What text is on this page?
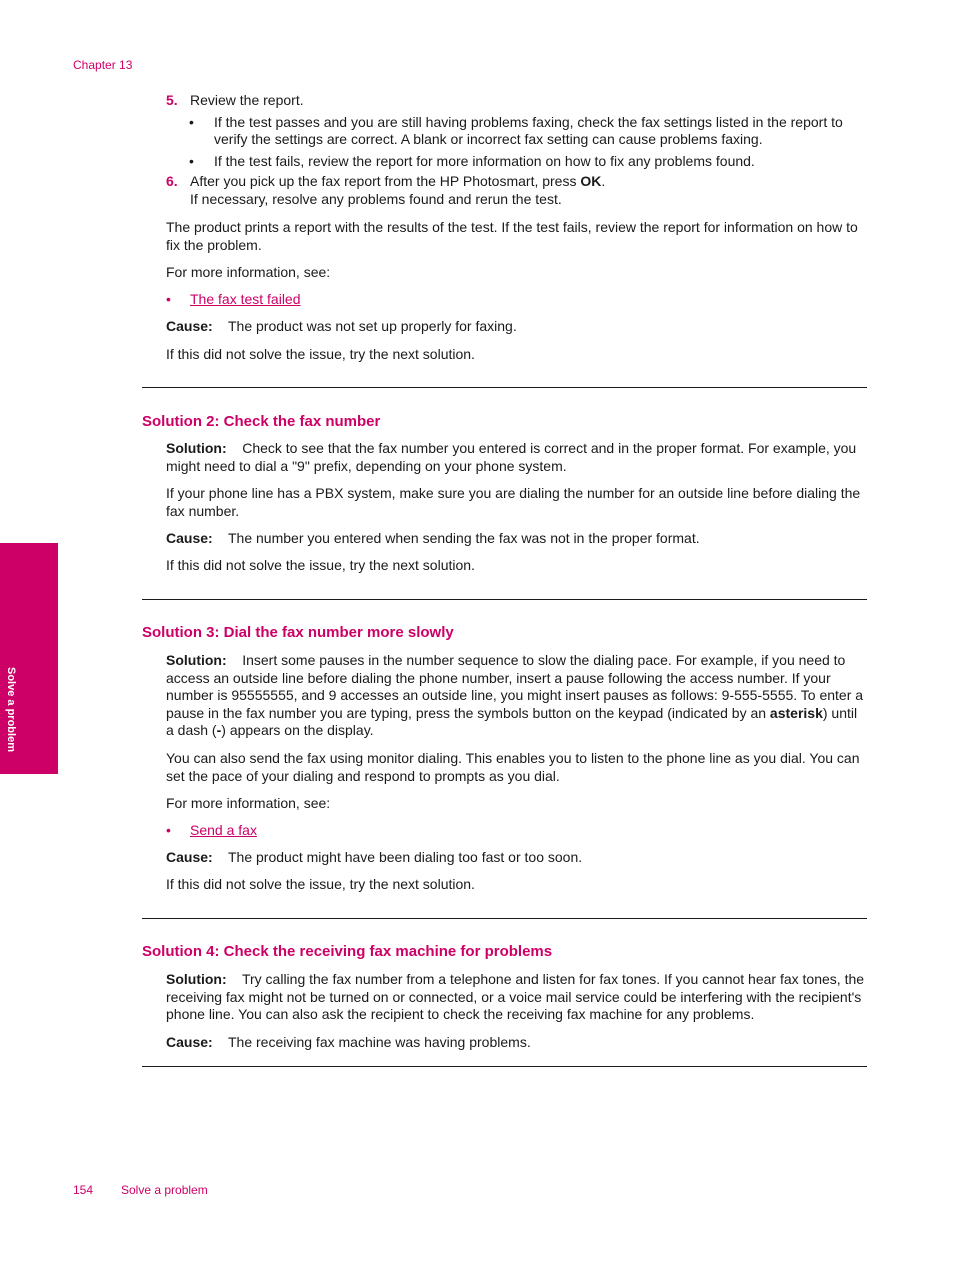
Chapter 13
5. Review the report.

•	If the test passes and you are still having problems faxing, check the fax settings listed in the report to verify the settings are correct. A blank or incorrect fax setting can cause problems faxing.

•	If the test fails, review the report for more information on how to fix any problems found.

6. After you pick up the fax report from the HP Photosmart, press OK.

If necessary, resolve any problems found and rerun the test.

The product prints a report with the results of the test. If the test fails, review the report for information on how to fix the problem.

For more information, see:

•	The fax test failed

Cause: The product was not set up properly for faxing.

If this did not solve the issue, try the next solution.

Solution 2: Check the fax number

Solution: Check to see that the fax number you entered is correct and in the proper format. For example, you might need to dial a "9" prefix, depending on your phone system.

If your phone line has a PBX system, make sure you are dialing the number for an outside line before dialing the fax number.

Cause: The number you entered when sending the fax was not in the proper format.

If this did not solve the issue, try the next solution.

Solution 3: Dial the fax number more slowly

Solution: Insert some pauses in the number sequence to slow the dialing pace. For example, if you need to access an outside line before dialing the phone number, insert a pause following the access number. If your number is 95555555, and 9 accesses an outside line, you might insert pauses as follows: 9-555-5555. To enter a pause in the fax number you are typing, press the symbols button on the keypad (indicated by an asterisk) until a dash (-) appears on the display.

You can also send the fax using monitor dialing. This enables you to listen to the phone line as you dial. You can set the pace of your dialing and respond to prompts as you dial.

For more information, see:

•	Send a fax

Cause: The product might have been dialing too fast or too soon.

If this did not solve the issue, try the next solution.

Solution 4: Check the receiving fax machine for problems

Solution: Try calling the fax number from a telephone and listen for fax tones. If you cannot hear fax tones, the receiving fax might not be turned on or connected, or a voice mail service could be interfering with the recipient's phone line. You can also ask the recipient to check the receiving fax machine for any problems.

Cause: The receiving fax machine was having problems.

Solve a problem
154 Solve a problem
